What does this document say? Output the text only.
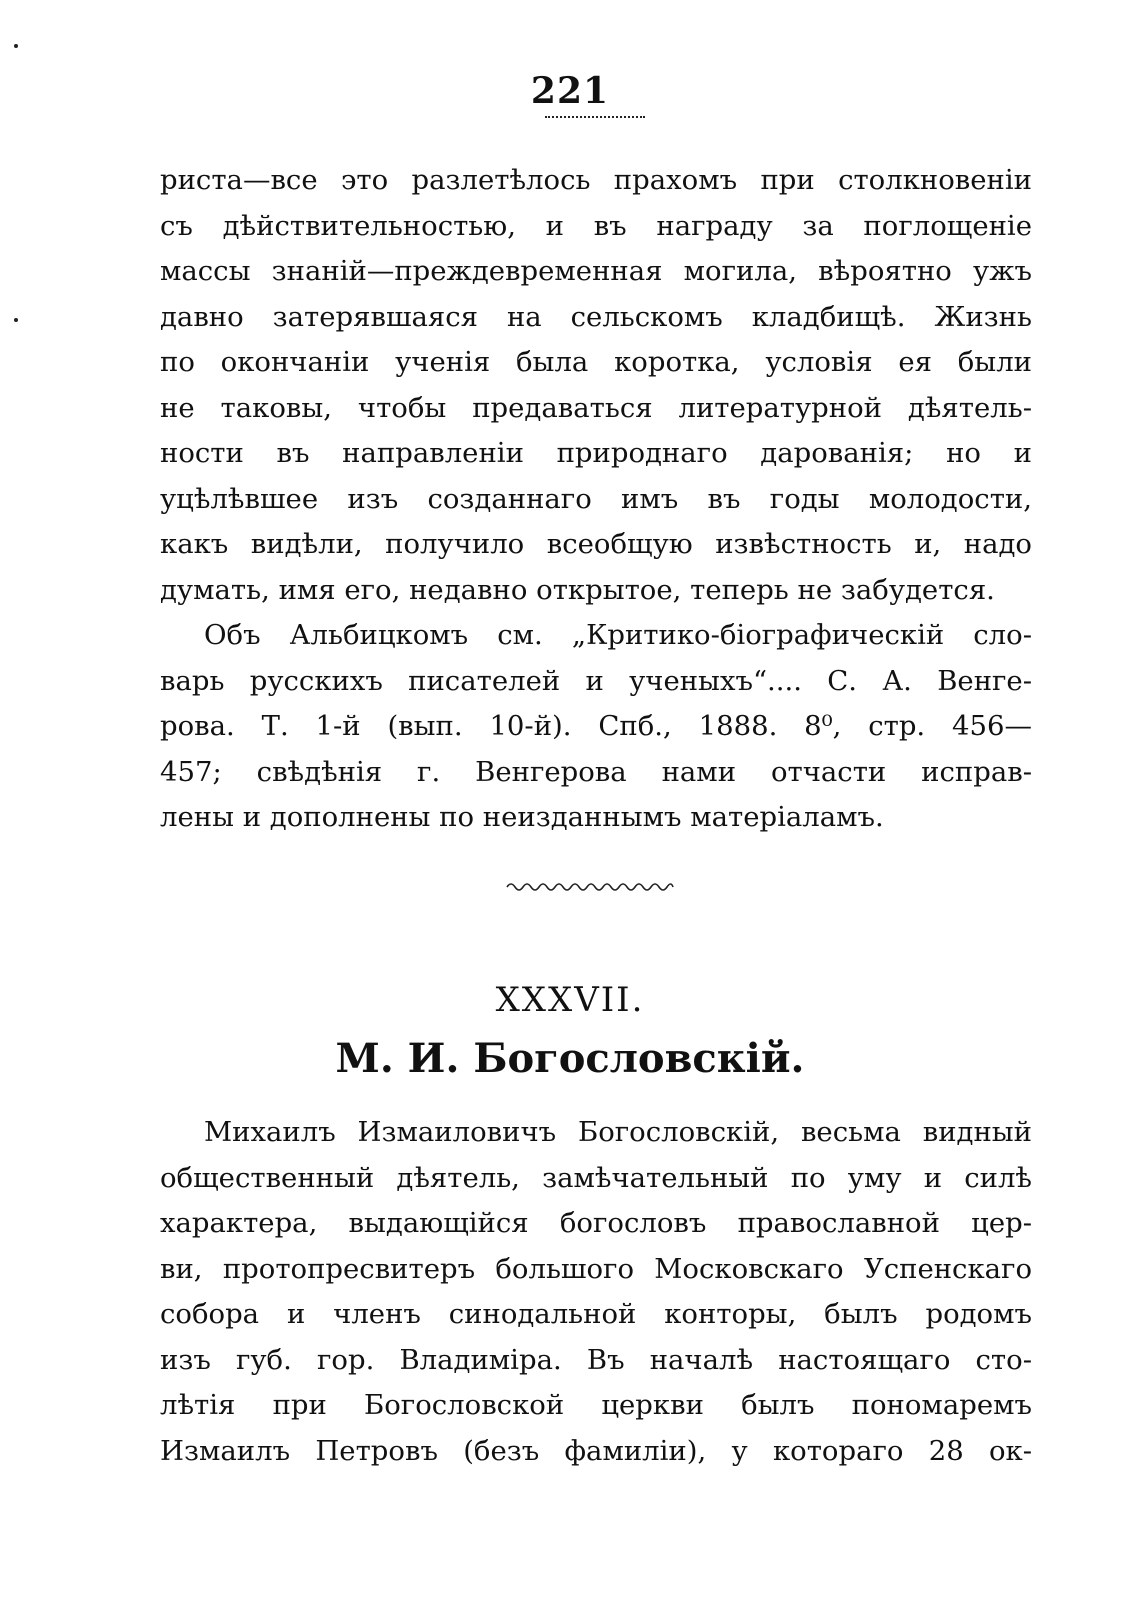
221
риста—все это разлетѣлось прахомъ при столкновеніи
съ дѣйствительностью, и въ награду за поглощеніе
массы знаній—преждевременная могила, вѣроятно ужъ
давно затерявшаяся на сельскомъ кладбищѣ. Жизнь
по окончаніи ученія была коротка, условія ея были
не таковы, чтобы предаваться литературной дѣятель-
ности въ направленіи природнаго дарованія; но и
уцѣлѣвшее изъ созданнаго имъ въ годы молодости,
какъ видѣли, получило всеобщую извѣстность и, надо
думать, имя его, недавно открытое, теперь не забудется.
Объ Альбицкомъ см. „Критико-біографическій сло-
варь русскихъ писателей и ученыхъ“.... С. А. Венге-
рова. Т. 1-й (вып. 10-й). Спб., 1888. 8⁰, стр. 456—
457; свѣдѣнія г. Венгерова нами отчасти исправ-
лены и дополнены по неизданнымъ матеріаламъ.
XXXVII.
М. И. Богословскій.
Михаилъ Измаиловичъ Богословскій, весьма видный
общественный дѣятель, замѣчательный по уму и силѣ
характера, выдающійся богословъ православной цер-
ви, протопресвитеръ большого Московскаго Успенскаго
собора и членъ синодальной конторы, былъ родомъ
изъ губ. гор. Владиміра. Въ началѣ настоящаго сто-
лѣтія при Богословской церкви былъ пономаремъ
Измаилъ Петровъ (безъ фамиліи), у котораго 28 ок-
